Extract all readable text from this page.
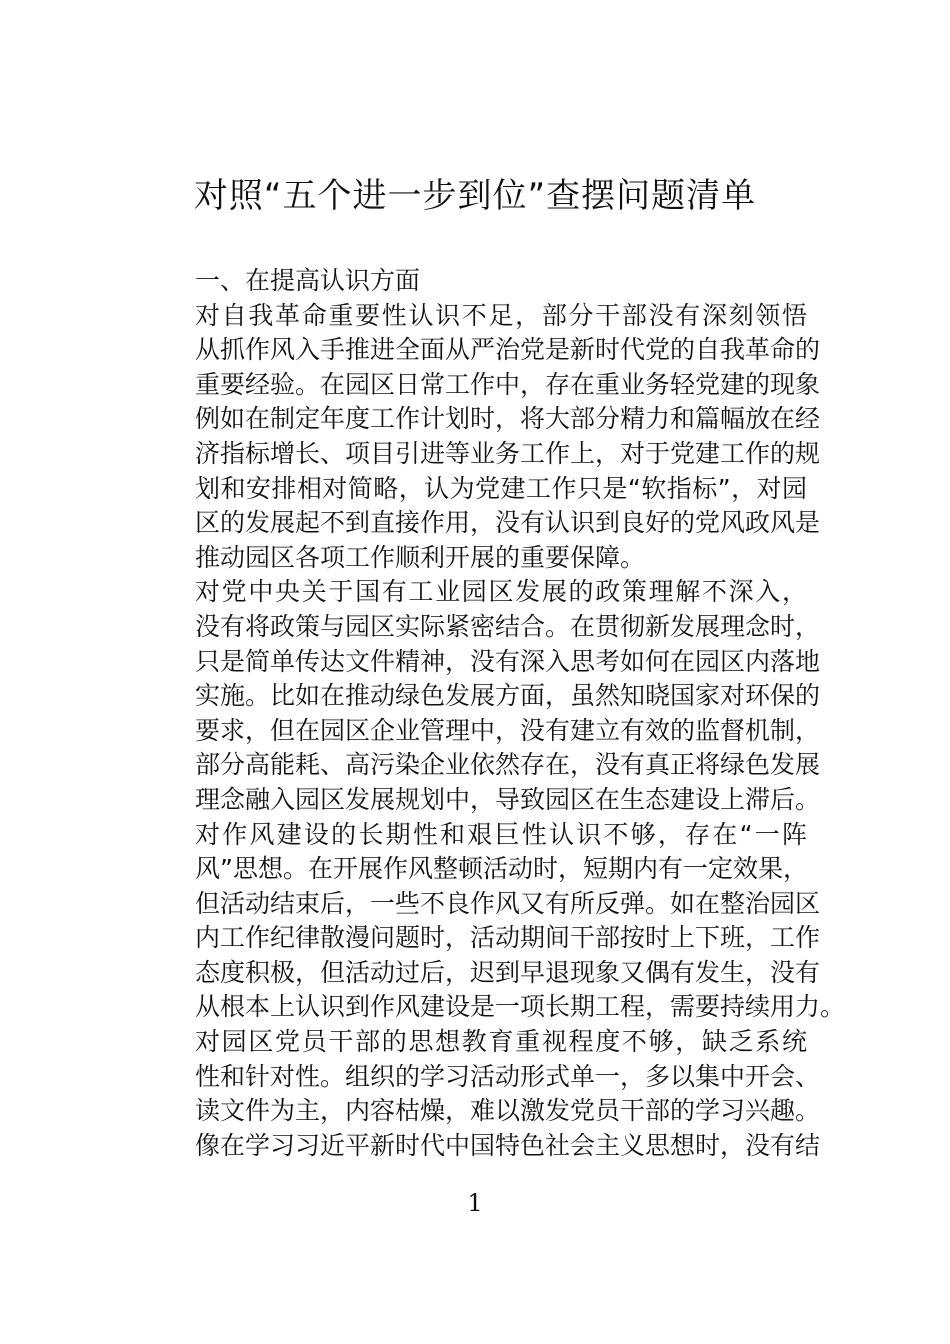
对照“五个进一步到位”查摆问题清单

一、在提高认识方面

对自我革命重要性认识不足，部分干部没有深刻领悟
从抓作风入手推进全面从严治党是新时代党的自我革命的
重要经验。在园区日常工作中，存在重业务轻党建的现象
例如在制定年度工作计划时，将大部分精力和篇幅放在经
济指标增长、项目引进等业务工作上，对于党建工作的规
划和安排相对简略，认为党建工作只是“软指标”，对园
区的发展起不到直接作用，没有认识到良好的党风政风是
推动园区各项工作顺利开展的重要保障。
对党中央关于国有工业园区发展的政策理解不深入，
没有将政策与园区实际紧密结合。在贯彻新发展理念时，
只是简单传达文件精神，没有深入思考如何在园区内落地
实施。比如在推动绿色发展方面，虽然知晓国家对环保的
要求，但在园区企业管理中，没有建立有效的监督机制，
部分高能耗、高污染企业依然存在，没有真正将绿色发展
理念融入园区发展规划中，导致园区在生态建设上滞后。
对作风建设的长期性和艰巨性认识不够，存在“一阵
风”思想。在开展作风整顿活动时，短期内有一定效果，
但活动结束后，一些不良作风又有所反弹。如在整治园区
内工作纪律散漫问题时，活动期间干部按时上下班，工作
态度积极，但活动过后，迟到早退现象又偶有发生，没有
从根本上认识到作风建设是一项长期工程，需要持续用力。
对园区党员干部的思想教育重视程度不够，缺乏系统
性和针对性。组织的学习活动形式单一，多以集中开会、
读文件为主，内容枯燥，难以激发党员干部的学习兴趣。
像在学习习近平新时代中国特色社会主义思想时，没有结
1
